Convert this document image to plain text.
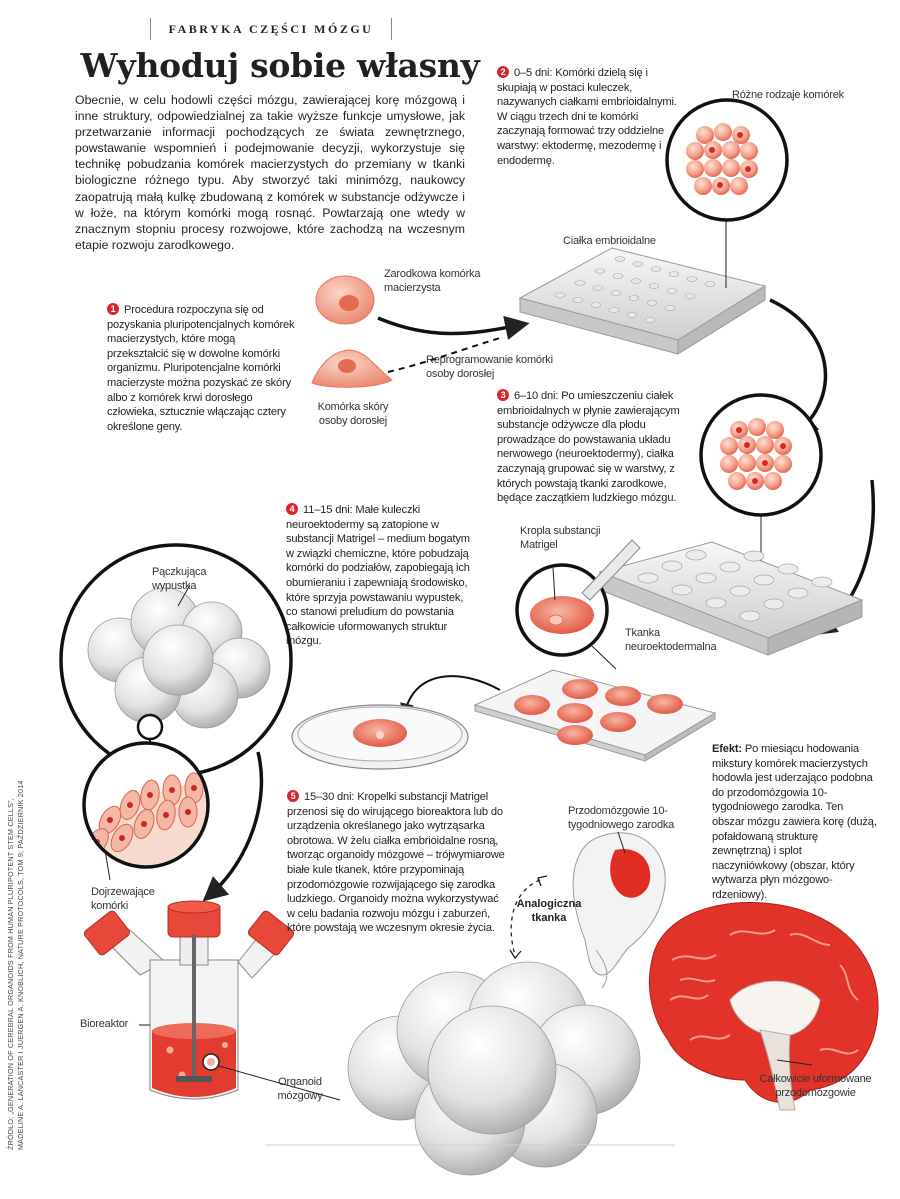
FABRYKA CZĘŚCI MÓZGU
Wyhoduj sobie własny
Obecnie, w celu hodowli części mózgu, zawierającej korę mózgową i inne struktury, odpowiedzialnej za takie wyższe funkcje umysłowe, jak przetwarzanie informacji pochodzących ze świata zewnętrznego, powstawanie wspomnień i podejmowanie decyzji, wykorzystuje się technikę pobudzania komórek macierzystych do przemiany w tkanki biologiczne różnego typu. Aby stworzyć taki minimózg, naukowcy zaopatrują małą kulkę zbudowaną z komórek w substancje odżywcze i w łoże, na którym komórki mogą rosnąć. Powtarzają one wtedy w znacznym stopniu procesy rozwojowe, które zachodzą na wczesnym etapie rozwoju zarodkowego.
1 Procedura rozpoczyna się od pozyskania pluripotencjalnych komórek macierzystych, które mogą przekształcić się w dowolne komórki organizmu. Pluripotencjalne komórki macierzyste można pozyskać ze skóry albo z komórek krwi dorosłego człowieka, sztucznie włączając cztery określone geny.
2 0–5 dni: Komórki dzielą się i skupiają w postaci kuleczek, nazywanych ciałkami embrioidalnymi. W ciągu trzech dni te komórki zaczynają formować trzy oddzielne warstwy: ektodermę, mezodermę i endodermę.
3 6–10 dni: Po umieszczeniu ciałek embrioidalnych w płynie zawierającym substancje odżywcze dla płodu prowadzące do powstawania układu nerwowego (neuroektodermy), ciałka zaczynają grupować się w warstwy, z których powstają tkanki zarodkowe, będące zaczątkiem ludzkiego mózgu.
4 11–15 dni: Małe kuleczki neuroektodermy są zatopione w substancji Matrigel – medium bogatym w związki chemiczne, które pobudzają komórki do podziałów, zapobiegają ich obumieraniu i zapewniają środowisko, które sprzyja powstawaniu wypustek, co stanowi preludium do powstania całkowicie uformowanych struktur mózgu.
5 15–30 dni: Kropelki substancji Matrigel przenosi się do wirującego bioreaktora lub do urządzenia określanego jako wytrząsarka obrotowa. W żelu ciałka embrioidalne rosną, tworząc organoidy mózgowe – trójwymiarowe białe kule tkanek, które przypominają przodomózgowie rozwijającego się zarodka ludzkiego. Organoidy można wykorzystywać w celu badania rozwoju mózgu i zaburzeń, które powstają we wczesnym okresie życia.
Efekt: Po miesiącu hodowania mikstury komórek macierzystych hodowla jest uderzająco podobna do przodomózgowia 10-tygodniowego zarodka. Ten obszar mózgu zawiera korę (dużą, pofałdowaną strukturę zewnętrzną) i splot naczyniówkowy (obszar, który wytwarza płyn mózgowo-rdzeniowy).
Zarodkowa komórka macierzysta
Reprogramowanie komórki osoby dorosłej
Komórka skóry osoby dorosłej
Różne rodzaje komórek
Ciałka embrioidalne
Kropla substancji Matrigel
Tkanka neuroektodermalna
Pączkująca wypustka
Dojrzewające komórki
Bioreaktor
Organoid mózgowy
Przodomózgowie 10-tygodniowego zarodka
Analogiczna tkanka
Całkowicie uformowane przodomózgowie
ŹRÓDŁO: „GENERATION OF CEREBRAL ORGANOIDS FROM HUMAN PLURIPOTENT STEM CELLS”, MADELINE A. LANCASTER I JUERGEN A. KNOBLICH, NATURE PROTOCOLS, TOM 9; PAŹDZIERNIK 2014
